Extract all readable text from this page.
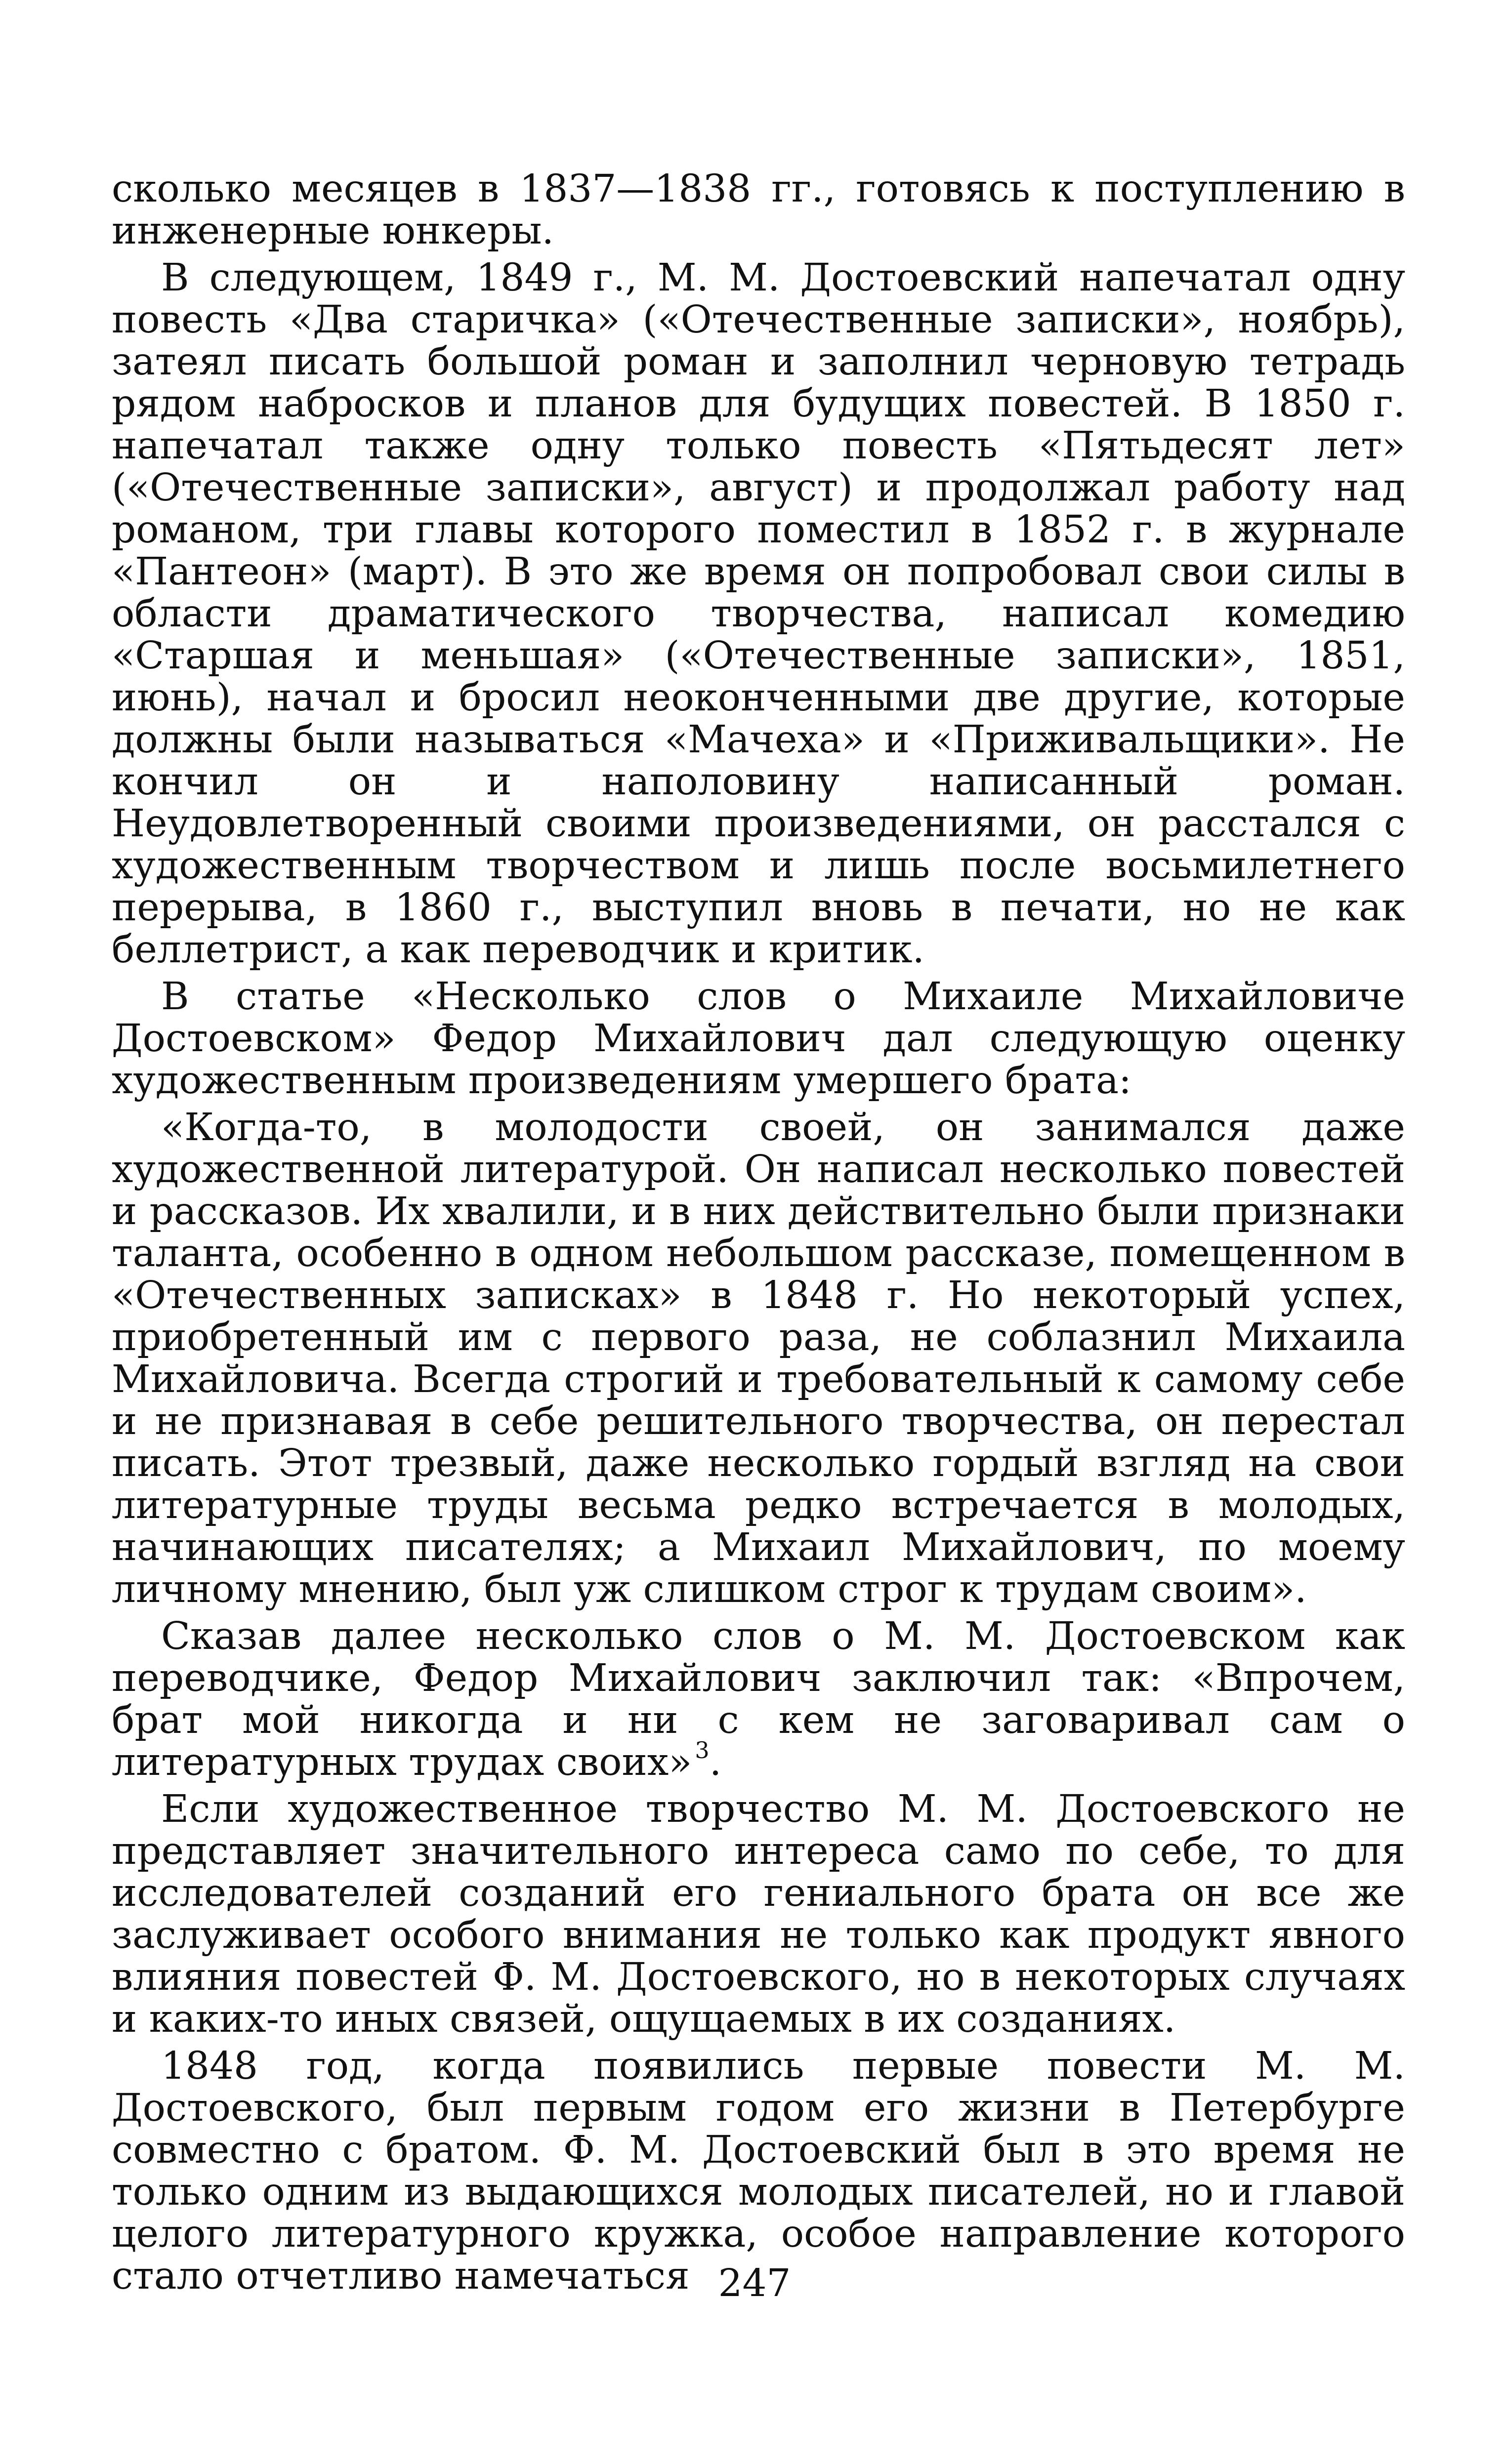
сколько месяцев в 1837—1838 гг., готовясь к поступлению в инженерные юнкеры.

В следующем, 1849 г., М. М. Достоевский напечатал одну повесть «Два старичка» («Отечественные записки», ноябрь), затеял писать большой роман и заполнил черновую тетрадь рядом набросков и планов для будущих повестей. В 1850 г. напечатал также одну только повесть «Пятьдесят лет» («Отечественные записки», август) и продолжал работу над романом, три главы которого поместил в 1852 г. в журнале «Пантеон» (март). В это же время он попробовал свои силы в области драматического творчества, написал комедию «Старшая и меньшая» («Отечественные записки», 1851, июнь), начал и бросил неоконченными две другие, которые должны были называться «Мачеха» и «Приживальщики». Не кончил он и наполовину написанный роман. Неудовлетворенный своими произведениями, он расстался с художественным творчеством и лишь после восьмилетнего перерыва, в 1860 г., выступил вновь в печати, но не как беллетрист, а как переводчик и критик.

В статье «Несколько слов о Михаиле Михайловиче Достоевском» Федор Михайлович дал следующую оценку художественным произведениям умершего брата:

«Когда-то, в молодости своей, он занимался даже художественной литературой. Он написал несколько повестей и рассказов. Их хвалили, и в них действительно были признаки таланта, особенно в одном небольшом рассказе, помещенном в «Отечественных записках» в 1848 г. Но некоторый успех, приобретенный им с первого раза, не соблазнил Михаила Михайловича. Всегда строгий и требовательный к самому себе и не признавая в себе решительного творчества, он перестал писать. Этот трезвый, даже несколько гордый взгляд на свои литературные труды весьма редко встречается в молодых, начинающих писателях; а Михаил Михайлович, по моему личному мнению, был уж слишком строг к трудам своим».

Сказав далее несколько слов о М. М. Достоевском как переводчике, Федор Михайлович заключил так: «Впрочем, брат мой никогда и ни с кем не заговаривал сам о литературных трудах своих» $^3$.

Если художественное творчество М. М. Достоевского не представляет значительного интереса само по себе, то для исследователей созданий его гениального брата он все же заслуживает особого внимания не только как продукт явного влияния повестей Ф. М. Достоевского, но в некоторых случаях и каких-то иных связей, ощущаемых в их созданиях.

1848 год, когда появились первые повести М. М. Достоевского, был первым годом его жизни в Петербурге совместно с братом. Ф. М. Достоевский был в это время не только одним из выдающихся молодых писателей, но и главой целого литературного кружка, особое направление которого стало отчетливо намечаться 247
